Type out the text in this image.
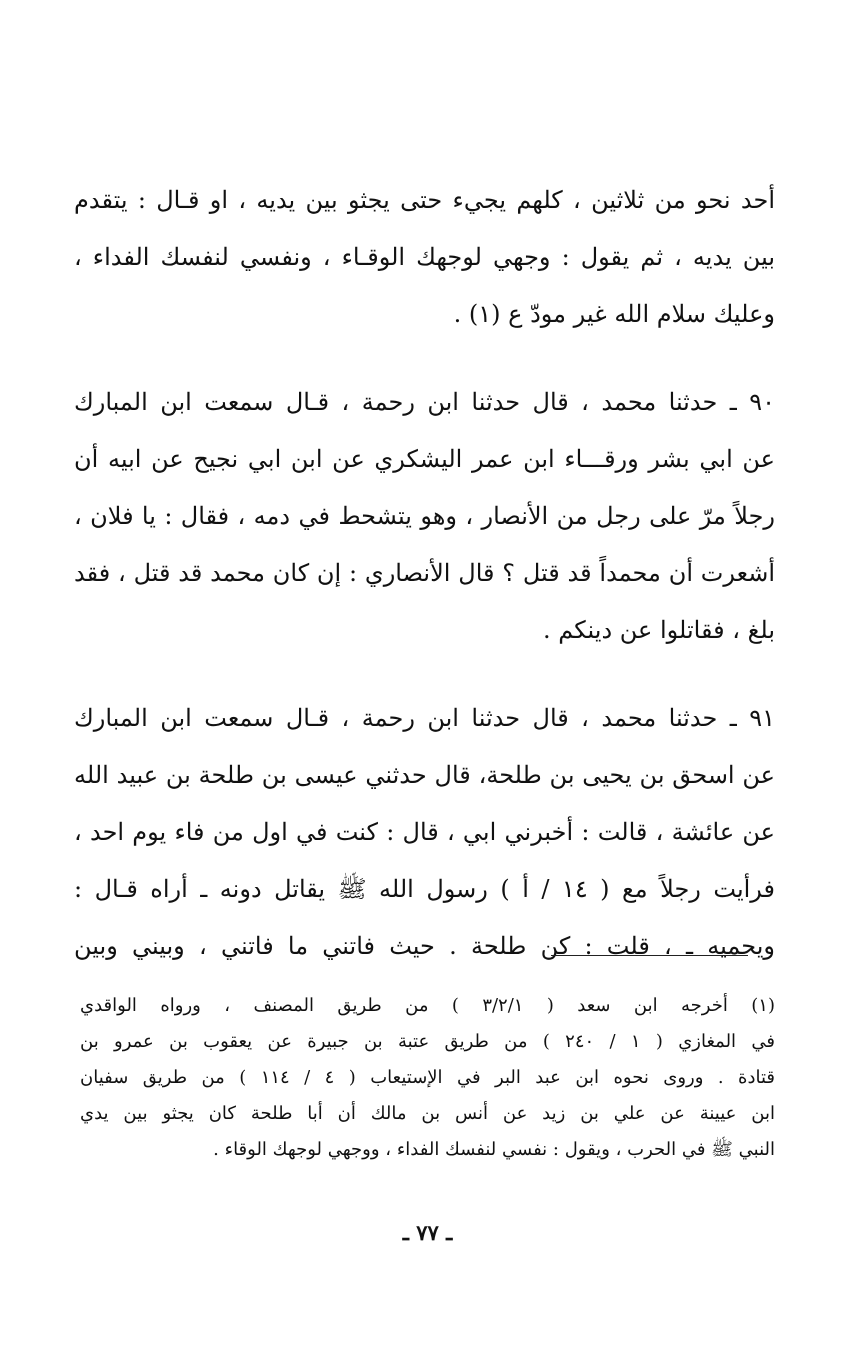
أحد نحو من ثلاثين ، كلهم يجيء حتى يجثو بين يديه ، او قـال : يتقدم
بين يديه ، ثم يقول : وجهي لوجهك الوقـاء ، ونفسي لنفسك الفداء ،
وعليك سلام الله غير مودّ ع (١) .
٩٠ ـ حدثنا محمد ، قال حدثنا ابن رحمة ، قـال سمعت ابن المبارك
عن ابي بشر ورقـــاء ابن عمر اليشكري عن ابن ابي نجيح عن ابيه أن
رجلاً مرّ على رجل من الأنصار ، وهو يتشحط في دمه ، فقال : يا فلان ،
أشعرت أن محمداً قد قتل ؟ قال الأنصاري : إن كان محمد قد قتل ، فقد
بلغ ، فقاتلوا عن دينكم .
٩١ ـ حدثنا محمد ، قال حدثنا ابن رحمة ، قـال سمعت ابن المبارك
عن اسحق بن يحيى بن طلحة، قال حدثني عيسى بن طلحة بن عبيد الله
عن عائشة ، قالت : أخبرني ابي ، قال : كنت في اول من فاء يوم احد ،
فرأيت رجلاً مع ( ١٤ / أ ) رسول الله ﷺ يقاتل دونه ـ أراه قـال :
ويحميه ـ ، قلت : كن طلحة . حيث فاتني ما فاتني ، وبيني وبين
(١) أخرجه ابن سعد ( ٣/٢/١ ) من طريق المصنف ، ورواه الواقدي
في المغازي ( ١ / ٢٤٠ ) من طريق عتبة بن جبيرة عن يعقوب بن عمرو بن
قتادة . وروى نحوه ابن عبد البر في الإستيعاب ( ٤ / ١١٤ ) من طريق سفيان
ابن عيينة عن علي بن زيد عن أنس بن مالك أن أبا طلحة كان يجثو بين يدي
النبي ﷺ في الحرب ، ويقول : نفسي لنفسك الفداء ، ووجهي لوجهك الوقاء .
ـ ٧٧ ـ
